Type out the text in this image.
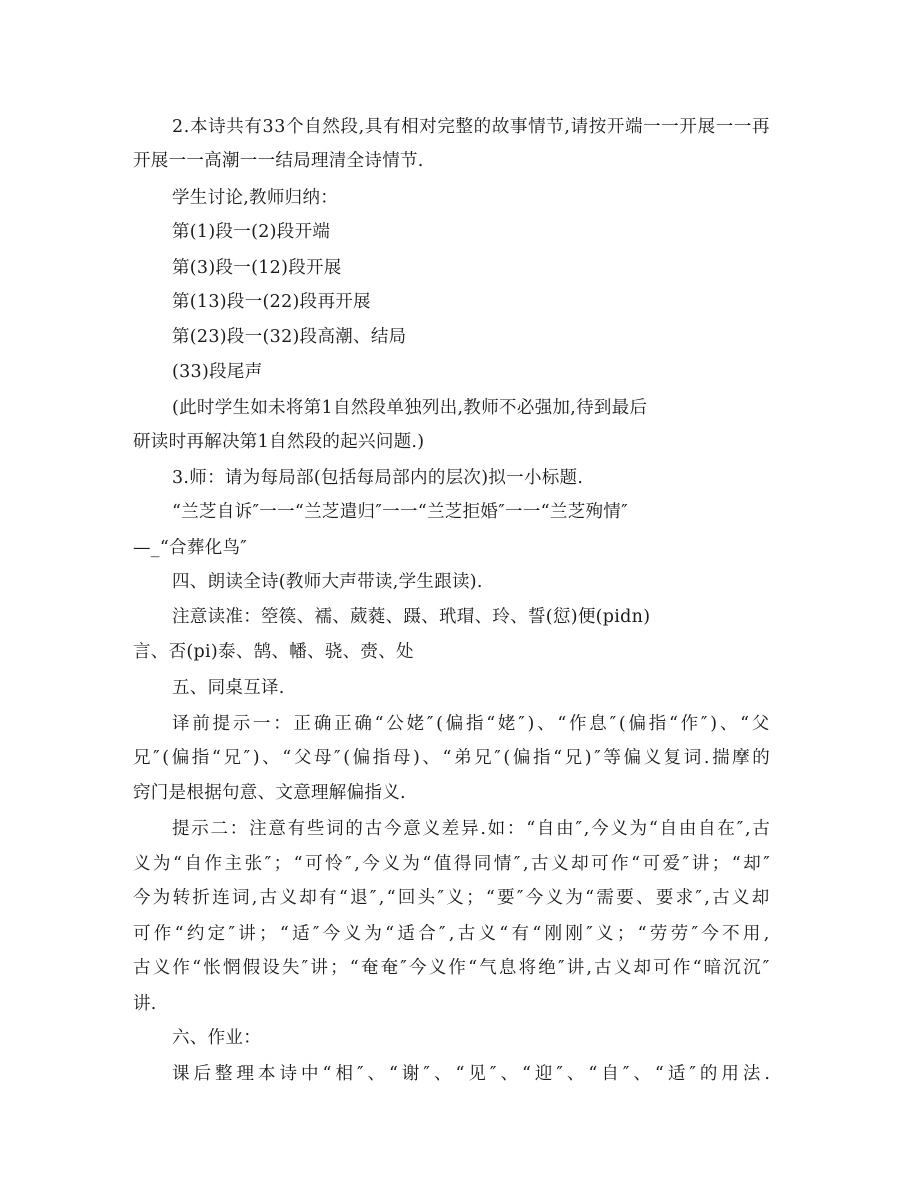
2.本诗共有33个自然段,具有相对完整的故事情节,请按开端一一开展一一再
开展一一高潮一一结局理清全诗情节.
学生讨论,教师归纳：
第(1)段一(2)段开端
第(3)段一(12)段开展
第(13)段一(22)段再开展
第(23)段一(32)段高潮、结局
(33)段尾声
(此时学生如未将第1自然段单独列出,教师不必强加,待到最后
研读时再解决第1自然段的起兴问题.)
3.师：请为每局部(包括每局部内的层次)拟一小标题.
“兰芝自诉″一一“兰芝遣归″一一“兰芝拒婚″一一“兰芝殉情″
—_“合葬化鸟″
四、朗读全诗(教师大声带读,学生跟读).
注意读准：箜篌、襦、葳蕤、蹑、玳瑁、玲、誓(愆)便(pidn)
言、否(pi)泰、鹄、幡、骁、赍、处
五、同桌互译.
译前提示一：正确正确“公姥″(偏指“姥″)、“作息″(偏指“作″)、“父
兄″(偏指“兄″)、“父母″(偏指母)、“弟兄″(偏指“兄)″等偏义复词.揣摩的
窍门是根据句意、文意理解偏指义.
提示二：注意有些词的古今意义差异.如：“自由″,今义为“自由自在″,古
义为“自作主张″；“可怜″,今义为“值得同情″,古义却可作“可爱″讲；“却″
今为转折连词,古义却有“退″,“回头″义；“要″今义为“需要、要求″,古义却
可作“约定″讲；“适″今义为“适合″,古义“有“刚刚″义；“劳劳″今不用,
古义作“怅惘假设失″讲；“奄奄″今义作“气息将绝″讲,古义却可作“暗沉沉″
讲.
六、作业：
课后整理本诗中“相″、“谢″、“见″、“迎″、“自″、“适″的用法.
